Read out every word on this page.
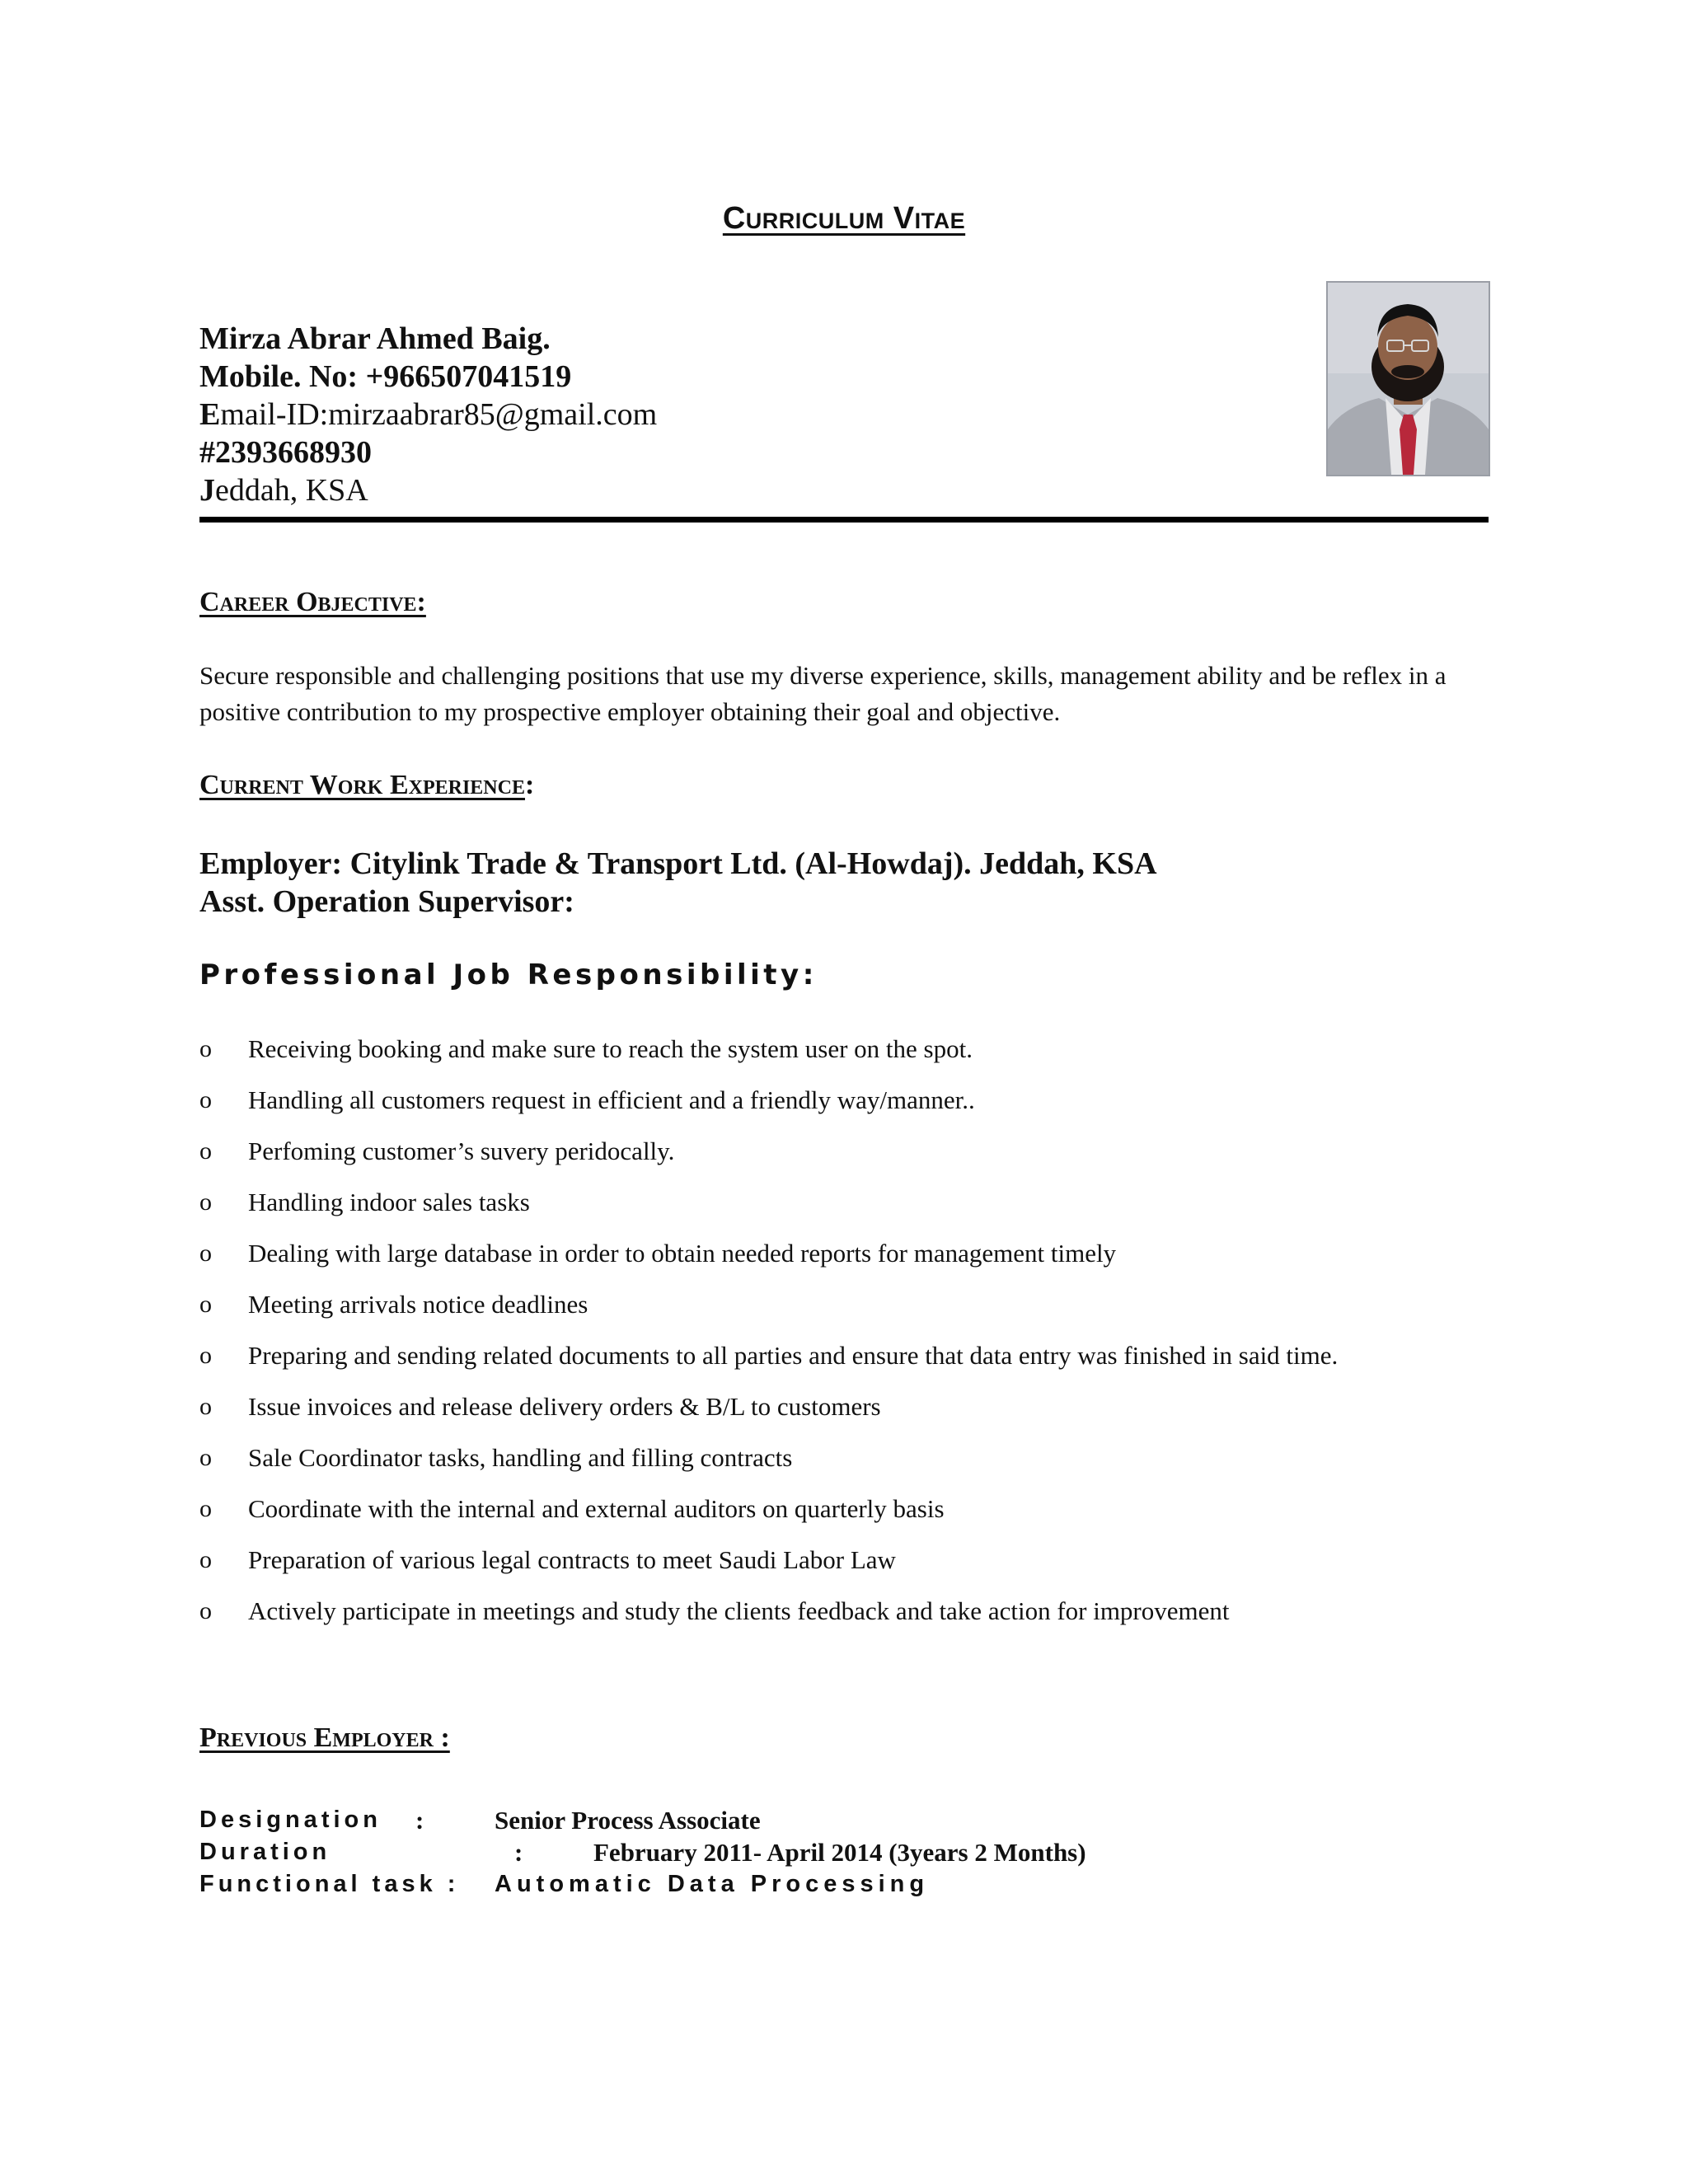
Curriculum Vitae
Mirza Abrar Ahmed Baig.
Mobile. No: +966507041519
Email-ID:mirzaabrar85@gmail.com
#2393668930
Jeddah, KSA
Career Objective:
Secure responsible and challenging positions that use my diverse experience, skills, management ability and be reflex in a positive contribution to my prospective employer obtaining their goal and objective.
Current Work Experience:
Employer: Citylink Trade & Transport Ltd. (Al-Howdaj). Jeddah, KSA
Asst. Operation Supervisor:
Professional Job Responsibility:
o Receiving booking and make sure to reach the system user on the spot.
o Handling all customers request in efficient and a friendly way/manner..
o Perfoming customer’s suvery peridocally.
o Handling indoor sales tasks
o Dealing with large database in order to obtain needed reports for management timely
o Meeting arrivals notice deadlines
o Preparing and sending related documents to all parties and ensure that data entry was finished in said time.
o Issue invoices and release delivery orders & B/L to customers
o Sale Coordinator tasks, handling and filling contracts
o Coordinate with the internal and external auditors on quarterly basis
o Preparation of various legal contracts to meet Saudi Labor Law
o Actively participate in meetings and study the clients feedback and take action for improvement
Previous Employer :
Designation :	Senior Process Associate
Duration	:	February 2011- April 2014 (3years 2 Months)
Functional task : Automatic Data Processing
